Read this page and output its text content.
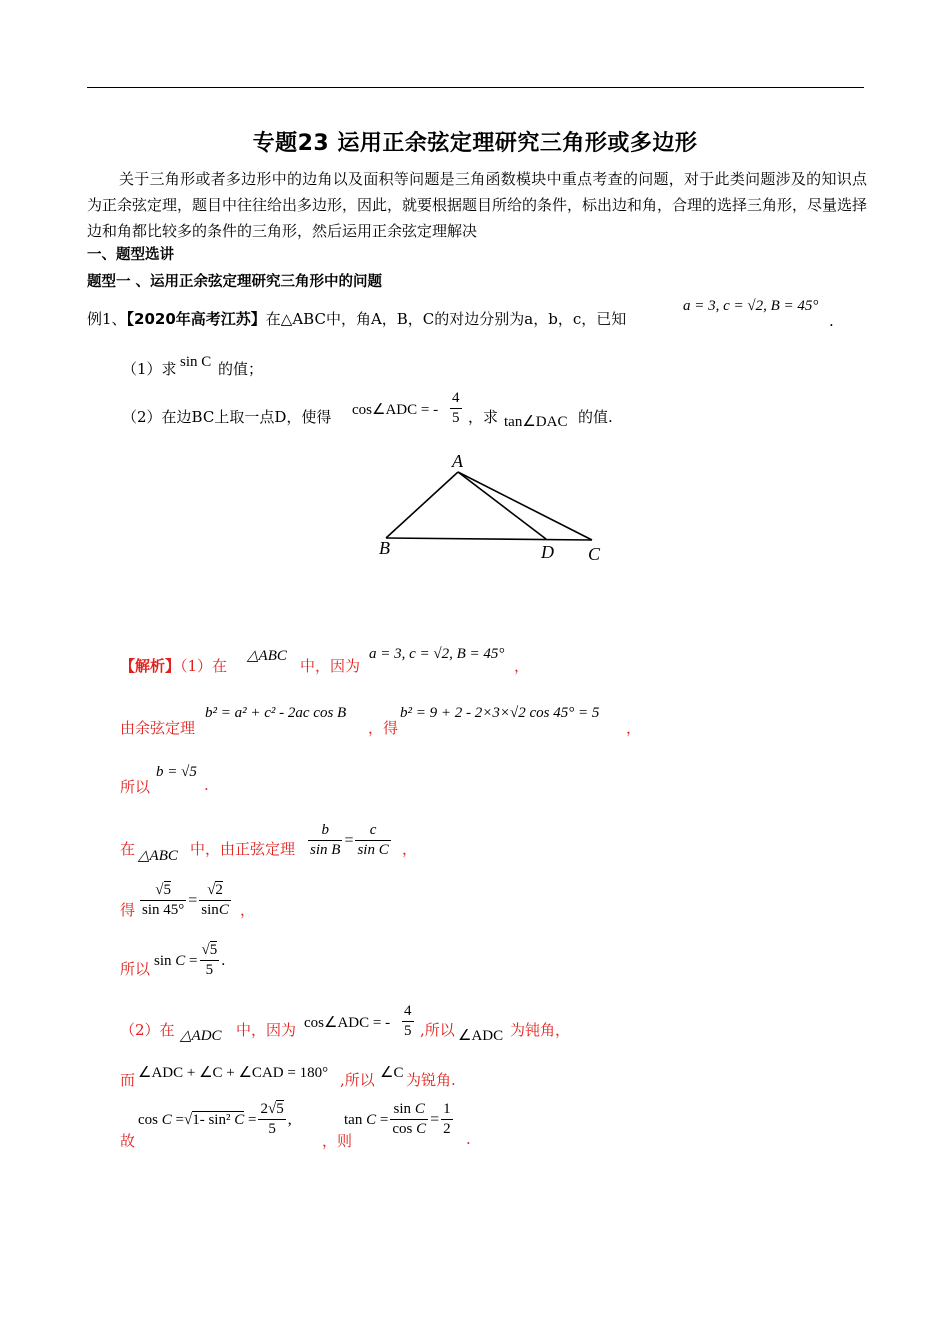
专题23 运用正余弦定理研究三角形或多边形
关于三角形或者多边形中的边角以及面积等问题是三角函数模块中重点考查的问题，对于此类问题涉及的知识点为正余弦定理，题目中往往给出多边形，因此，就要根据题目所给的条件，标出边和角，合理的选择三角形，尽量选择边和角都比较多的条件的三角形，然后运用正余弦定理解决
一、题型选讲
题型一 、运用正余弦定理研究三角形中的问题
例1、【2020年高考江苏】在△ABC中，角A，B，C的对边分别为a，b，c，已知
a = 3, c = √2, B = 45°
.
（1）求 sin C 的值；
（2）在边BC上取一点D，使得 cos∠ADC = - $\frac{4}{5}$ ，求 tan∠DAC 的值.
A
B	D C
【解析】（1）在
△ABC
中，因为
a = 3, c = √2, B = 45°
，
由余弦定理
b² = a² + c² - 2ac cos B
，得
b² = 9 + 2 - 2×3×√2 cos 45° = 5
，
所以
b = √5
.
在 △ABC 中，由正弦定理 $\frac{b}{\text{sin B}} = \frac{c}{\text{sin C}}$ ，
得 $\frac{√5}{\sin 45^\circ} = \frac{√2}{\sin C}$ ，
所以 $\sin C = \frac{√5}{5}$ .
（2）在 △ADC 中，因为 cos∠ADC = - $\frac{4}{5}$ ,所以 ∠ADC 为钝角，
而 ∠ADC + ∠C + ∠CAD = 180° ,所以 ∠C 为锐角.
故
cos C =√1- sin² $C = \frac{2√5}{5}$ ,
，则
$\tan C = \frac{\text{sin C}}{\text{cos C}} = \frac{1}{2}$ .
